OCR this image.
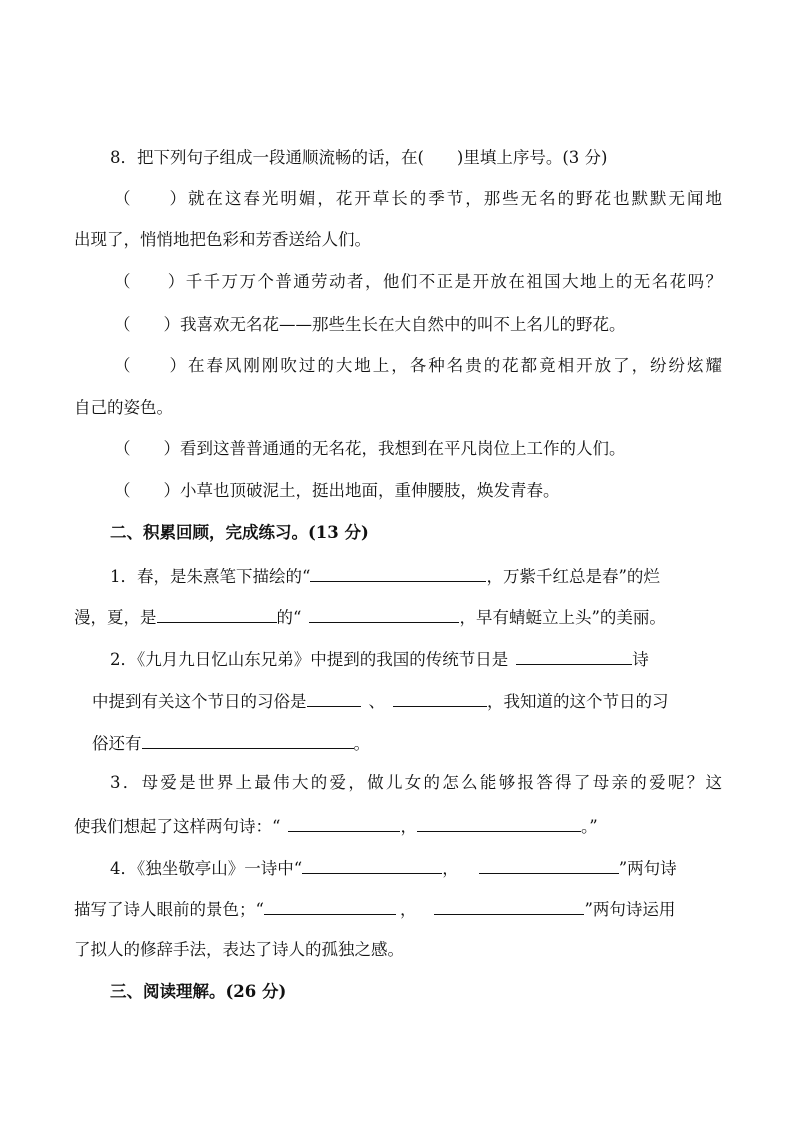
8．把下列句子组成一段通顺流畅的话，在(　　)里填上序号。(3 分)
（　　）就在这春光明媚，花开草长的季节，那些无名的野花也默默无闻地
出现了，悄悄地把色彩和芳香送给人们。
（　　）千千万万个普通劳动者，他们不正是开放在祖国大地上的无名花吗？
（　　）我喜欢无名花——那些生长在大自然中的叫不上名儿的野花。
（　　）在春风刚刚吹过的大地上，各种名贵的花都竟相开放了，纷纷炫耀
自己的姿色。
（　　）看到这普普通通的无名花，我想到在平凡岗位上工作的人们。
（　　）小草也顶破泥土，挺出地面，重伸腰肢，焕发青春。
二、积累回顾，完成练习。(13 分)
1．春，是朱熹笔下描绘的“	，万紫千红总是春”的烂
漫，夏，是	的“	，早有蜻蜓立上头”的美丽。
2．《九月九日忆山东兄弟》中提到的我国的传统节日是	诗
中提到有关这个节日的习俗是	、	，我知道的这个节日的习
俗还有	。
3．母爱是世界上最伟大的爱，做儿女的怎么能够报答得了母亲的爱呢？这
使我们想起了这样两句诗：“	，	。”
4．《独坐敬亭山》一诗中“	，	”两句诗
描写了诗人眼前的景色；“	，	”两句诗运用
了拟人的修辞手法，表达了诗人的孤独之感。
三、阅读理解。(26 分)
